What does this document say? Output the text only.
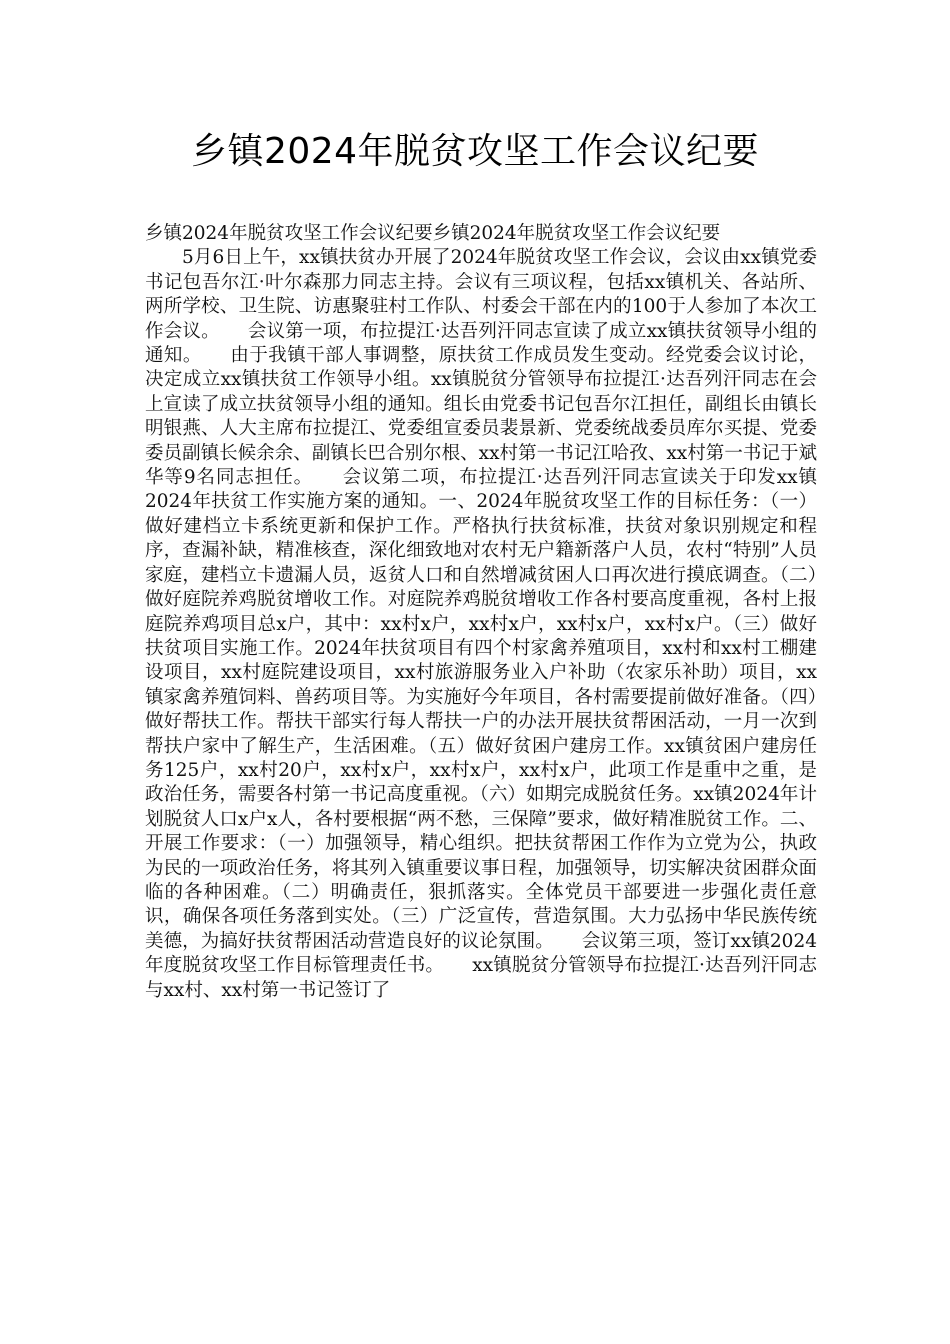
乡镇2024年脱贫攻坚工作会议纪要

乡镇2024年脱贫攻坚工作会议纪要乡镇2024年脱贫攻坚工作会议纪要

5月6日上午，xx镇扶贫办开展了2024年脱贫攻坚工作会议，会议由xx镇党委书记包吾尔江·叶尔森那力同志主持。会议有三项议程，包括xx镇机关、各站所、两所学校、卫生院、访惠聚驻村工作队、村委会干部在内的100于人参加了本次工作会议。　　会议第一项，布拉提江·达吾列汗同志宣读了成立xx镇扶贫领导小组的通知。　　由于我镇干部人事调整，原扶贫工作成员发生变动。经党委会议讨论，决定成立xx镇扶贫工作领导小组。xx镇脱贫分管领导布拉提江·达吾列汗同志在会上宣读了成立扶贫领导小组的通知。组长由党委书记包吾尔江担任，副组长由镇长明银燕、人大主席布拉提江、党委组宣委员裴景新、党委统战委员库尔买提、党委委员副镇长候余余、副镇长巴合别尔根、xx村第一书记江哈孜、xx村第一书记于斌华等9名同志担任。　　会议第二项，布拉提江·达吾列汗同志宣读关于印发xx镇2024年扶贫工作实施方案的通知。一、2024年脱贫攻坚工作的目标任务：（一）做好建档立卡系统更新和保护工作。严格执行扶贫标准，扶贫对象识别规定和程序，查漏补缺，精准核查，深化细致地对农村无户籍新落户人员，农村“特别”人员家庭，建档立卡遗漏人员，返贫人口和自然增减贫困人口再次进行摸底调查。（二）做好庭院养鸡脱贫增收工作。对庭院养鸡脱贫增收工作各村要高度重视，各村上报庭院养鸡项目总x户，其中：xx村x户，xx村x户，xx村x户，xx村x户。（三）做好扶贫项目实施工作。2024年扶贫项目有四个村家禽养殖项目，xx村和xx村工棚建设项目，xx村庭院建设项目，xx村旅游服务业入户补助（农家乐补助）项目，xx镇家禽养殖饲料、兽药项目等。为实施好今年项目，各村需要提前做好准备。（四）做好帮扶工作。帮扶干部实行每人帮扶一户的办法开展扶贫帮困活动，一月一次到帮扶户家中了解生产，生活困难。（五）做好贫困户建房工作。xx镇贫困户建房任务125户，xx村20户，xx村x户，xx村x户，xx村x户，此项工作是重中之重，是政治任务，需要各村第一书记高度重视。（六）如期完成脱贫任务。xx镇2024年计划脱贫人口x户x人，各村要根据“两不愁，三保障”要求，做好精准脱贫工作。二、开展工作要求：（一）加强领导，精心组织。把扶贫帮困工作作为立党为公，执政为民的一项政治任务，将其列入镇重要议事日程，加强领导，切实解决贫困群众面临的各种困难。（二）明确责任，狠抓落实。全体党员干部要进一步强化责任意识，确保各项任务落到实处。（三）广泛宣传，营造氛围。大力弘扬中华民族传统美德，为搞好扶贫帮困活动营造良好的议论氛围。　　会议第三项，签订xx镇2024年度脱贫攻坚工作目标管理责任书。　　xx镇脱贫分管领导布拉提江·达吾列汗同志与xx村、xx村第一书记签订了
